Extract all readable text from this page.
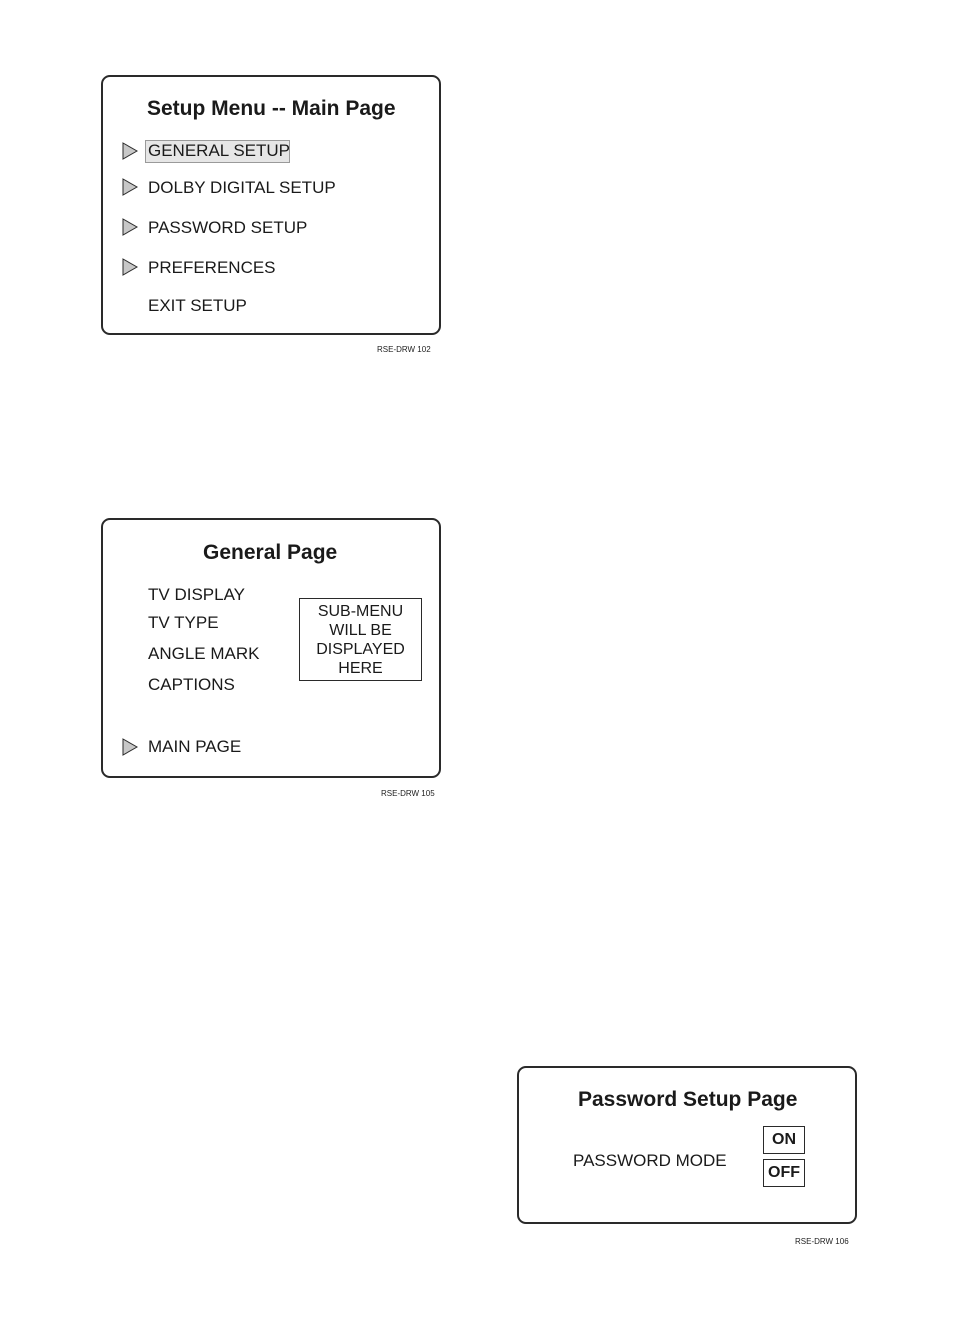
Setup Menu -- Main Page
GENERAL SETUP
DOLBY DIGITAL SETUP
PASSWORD SETUP
PREFERENCES
EXIT SETUP
RSE-DRW 102
General Page
TV DISPLAY
TV TYPE
ANGLE MARK
CAPTIONS
SUB-MENU
WILL BE
DISPLAYED
HERE
MAIN PAGE
RSE-DRW 105
Password Setup Page
PASSWORD MODE
ON
OFF
RSE-DRW 106
